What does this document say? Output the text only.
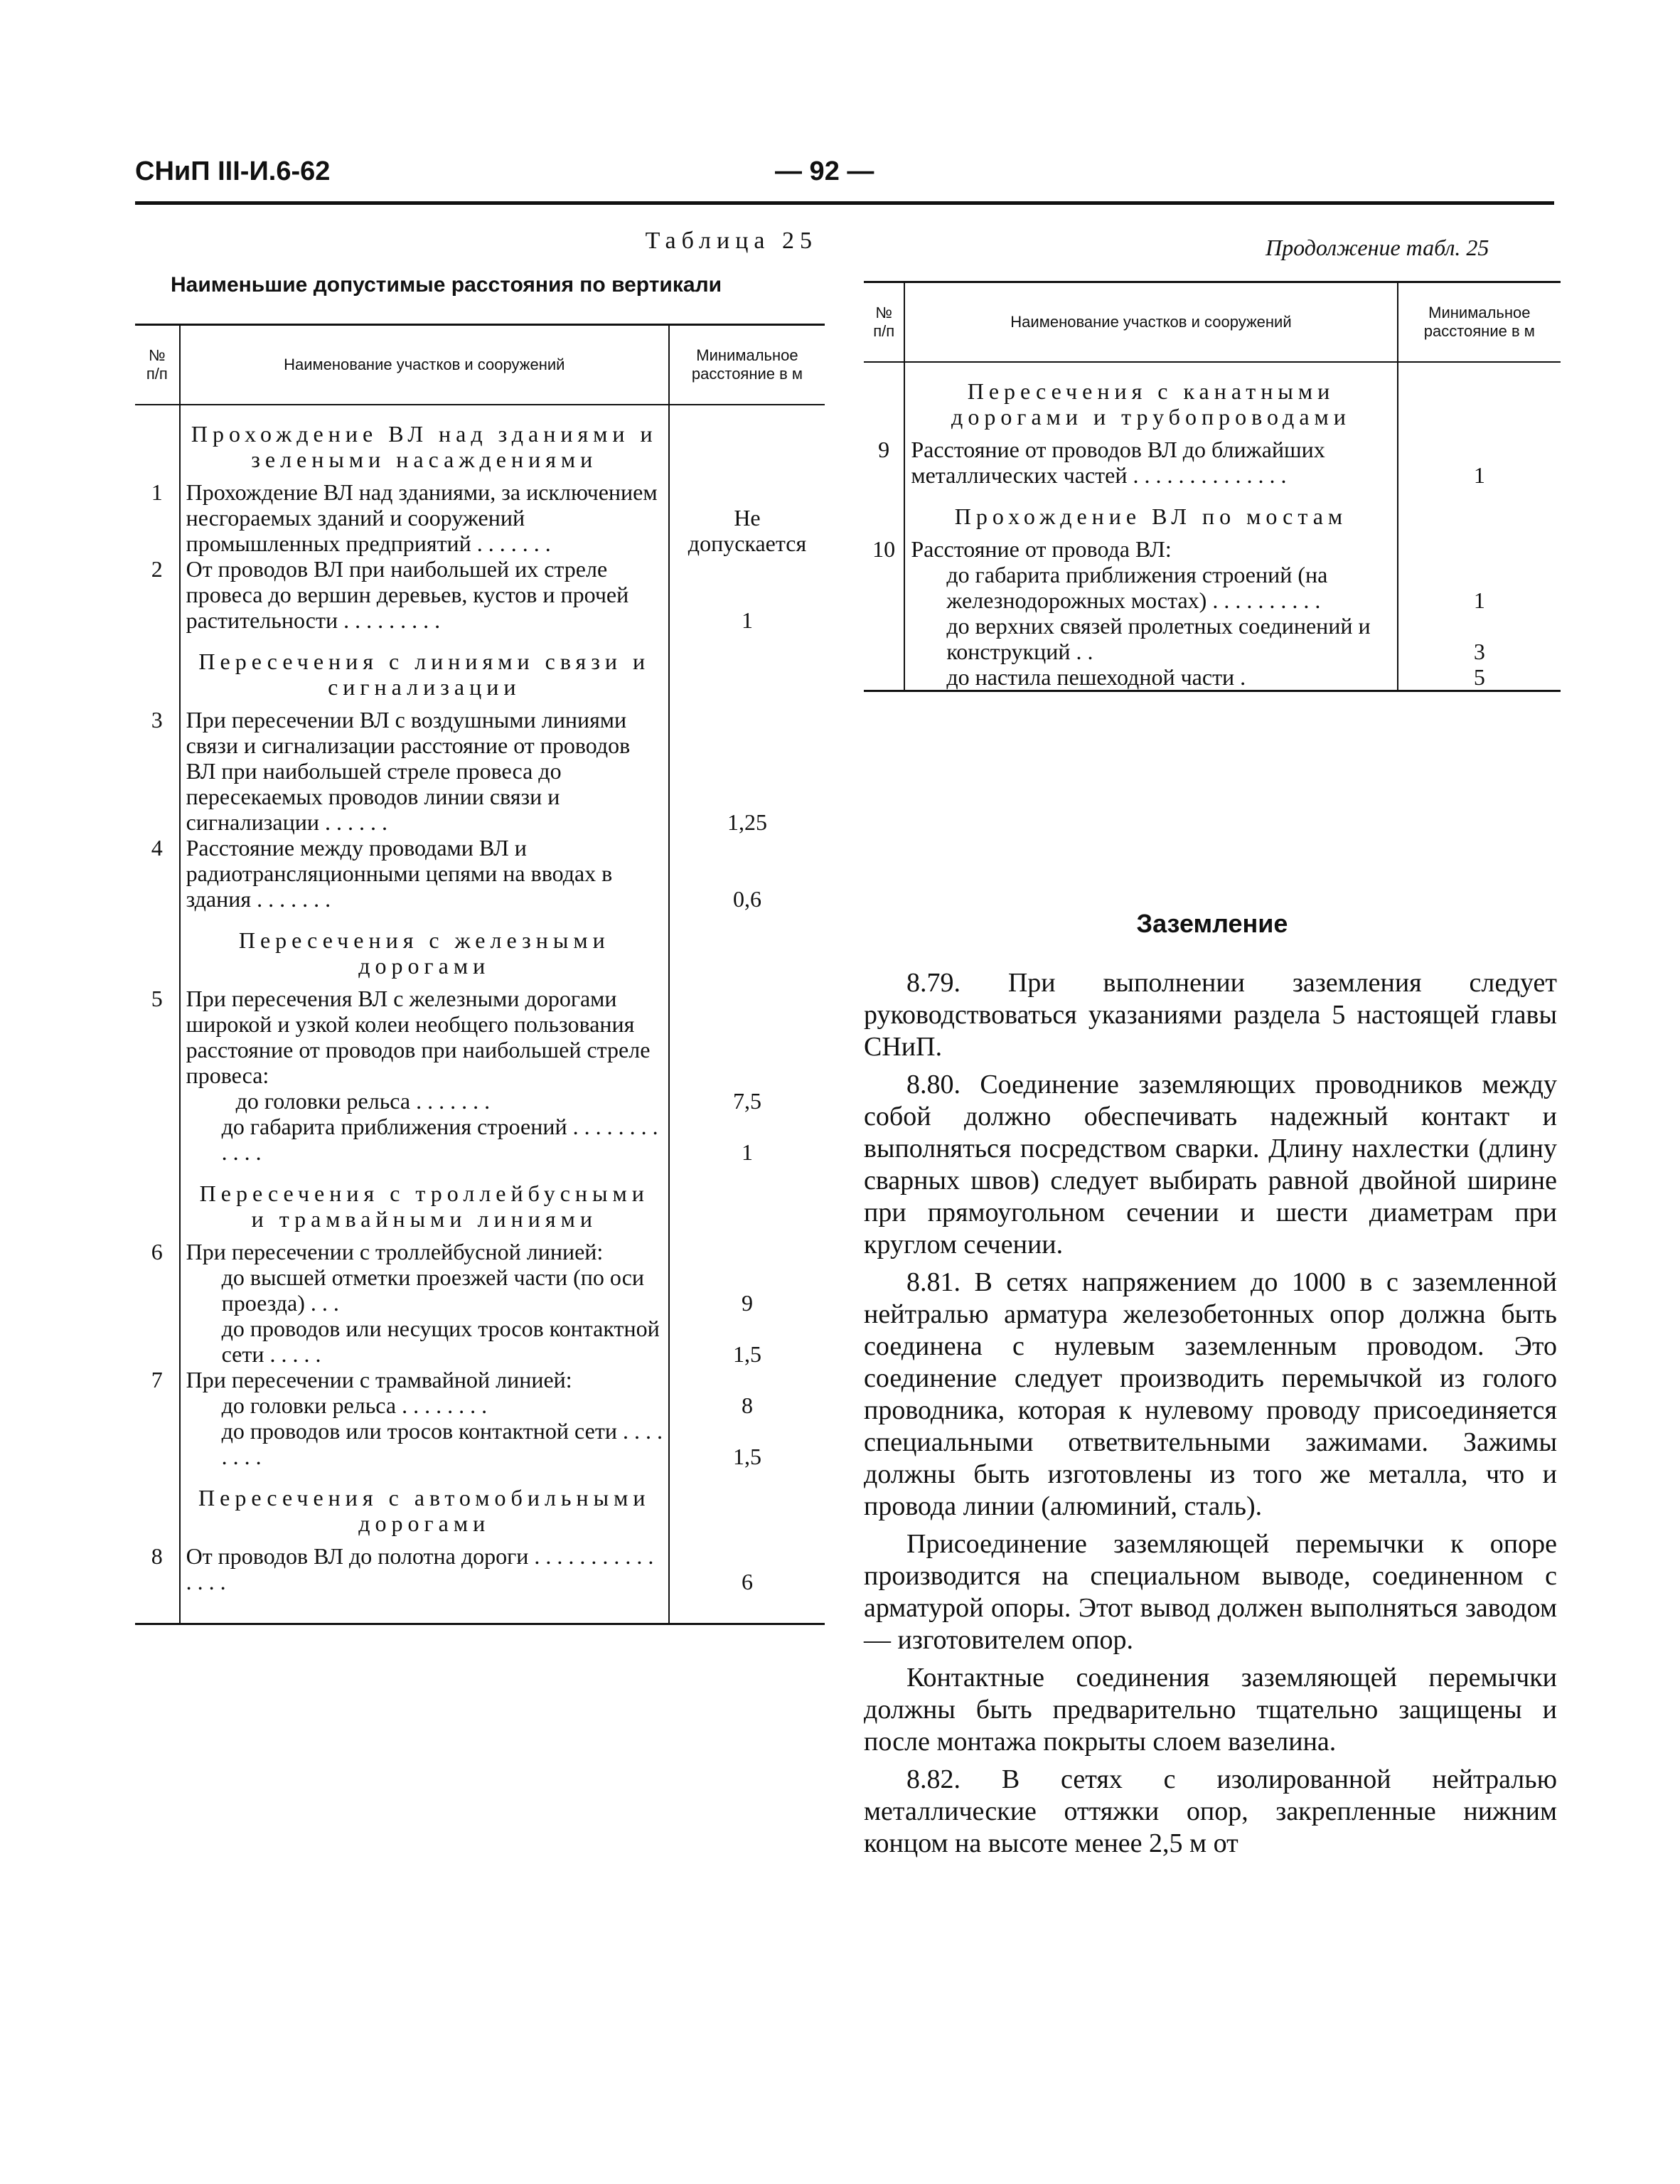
СНиП III-И.6-62	— 92 —
Таблица 25
Наименьшие допустимые расстояния по вертикали
№ п/п	Наименование участков и сооружений	Минимальное расстояние в м
	Прохождение ВЛ над зданиями и зелеными насаждениями	
1	Прохождение ВЛ над зданиями, за исключением несгораемых зданий и сооружений промышленных предприятий . . . . . . .	Не допускается
2	От проводов ВЛ при наибольшей их стреле провеса до вершин деревьев, кустов и прочей растительности . . . . . . . . .	1
	Пересечения с линиями связи и сигнализации	
3	При пересечении ВЛ с воздушными линиями связи и сигнализации расстояние от проводов ВЛ при наибольшей стреле провеса до пересекаемых проводов линии связи и сигнализации . . . . . .	1,25
4	Расстояние между проводами ВЛ и радиотрансляционными цепями на вводах в здания . . . . . . .	0,6
	Пересечения с железными дорогами	
5	При пересечения ВЛ с железными дорогами широкой и узкой колеи необщего пользования расстояние от проводов при наибольшей стреле провеса:	

	до головки рельса . . . . . . .	7,5

	до габарита приближения строений . . . . . . . . . . . .	1
	Пересечения с троллейбусными и трамвайными линиями	
6	При пересечении с троллейбусной линией:	

	до высшей отметки проезжей части (по оси проезда) . . .	9

	до проводов или несущих тросов контактной сети . . . . .	1,5
7	При пересечении с трамвайной линией:	

	до головки рельса . . . . . . . .	8

	до проводов или тросов контактной сети . . . . . . . .	1,5
	Пересечения с автомобильными дорогами	
8	От проводов ВЛ до полотна дороги . . . . . . . . . . . . . . .	6

Продолжение табл. 25
№ п/п	Наименование участков и сооружений	Минимальное расстояние в м
	Пересечения с канатными дорогами и трубопроводами	
9	Расстояние от проводов ВЛ до ближайших металлических частей . . . . . . . . . . . . . .	1
	Прохождение ВЛ по мостам	
10	Расстояние от провода ВЛ:	

	до габарита приближения строений (на железнодорожных мостах) . . . . . . . . . .	1

	до верхних связей пролетных соединений и конструкций . .	3

	до настила пешеходной части .	5
Заземление

8.79. При выполнении заземления следует руководствоваться указаниями раздела 5 настоящей главы СНиП.

8.80. Соединение заземляющих проводников между собой должно обеспечивать надежный контакт и выполняться посредством сварки. Длину нахлестки (длину сварных швов) следует выбирать равной двойной ширине при прямоугольном сечении и шести диаметрам при круглом сечении.

8.81. В сетях напряжением до 1000 в с заземленной нейтралью арматура железобетонных опор должна быть соединена с нулевым заземленным проводом. Это соединение следует производить перемычкой из голого проводника, которая к нулевому проводу присоединяется специальными ответвительными зажимами. Зажимы должны быть изготовлены из того же металла, что и провода линии (алюминий, сталь).

Присоединение заземляющей перемычки к опоре производится на специальном выводе, соединенном с арматурой опоры. Этот вывод должен выполняться заводом — изготовителем опор.

Контактные соединения заземляющей перемычки должны быть предварительно тщательно защищены и после монтажа покрыты слоем вазелина.

8.82. В сетях с изолированной нейтралью металлические оттяжки опор, закрепленные нижним концом на высоте менее 2,5 м от
